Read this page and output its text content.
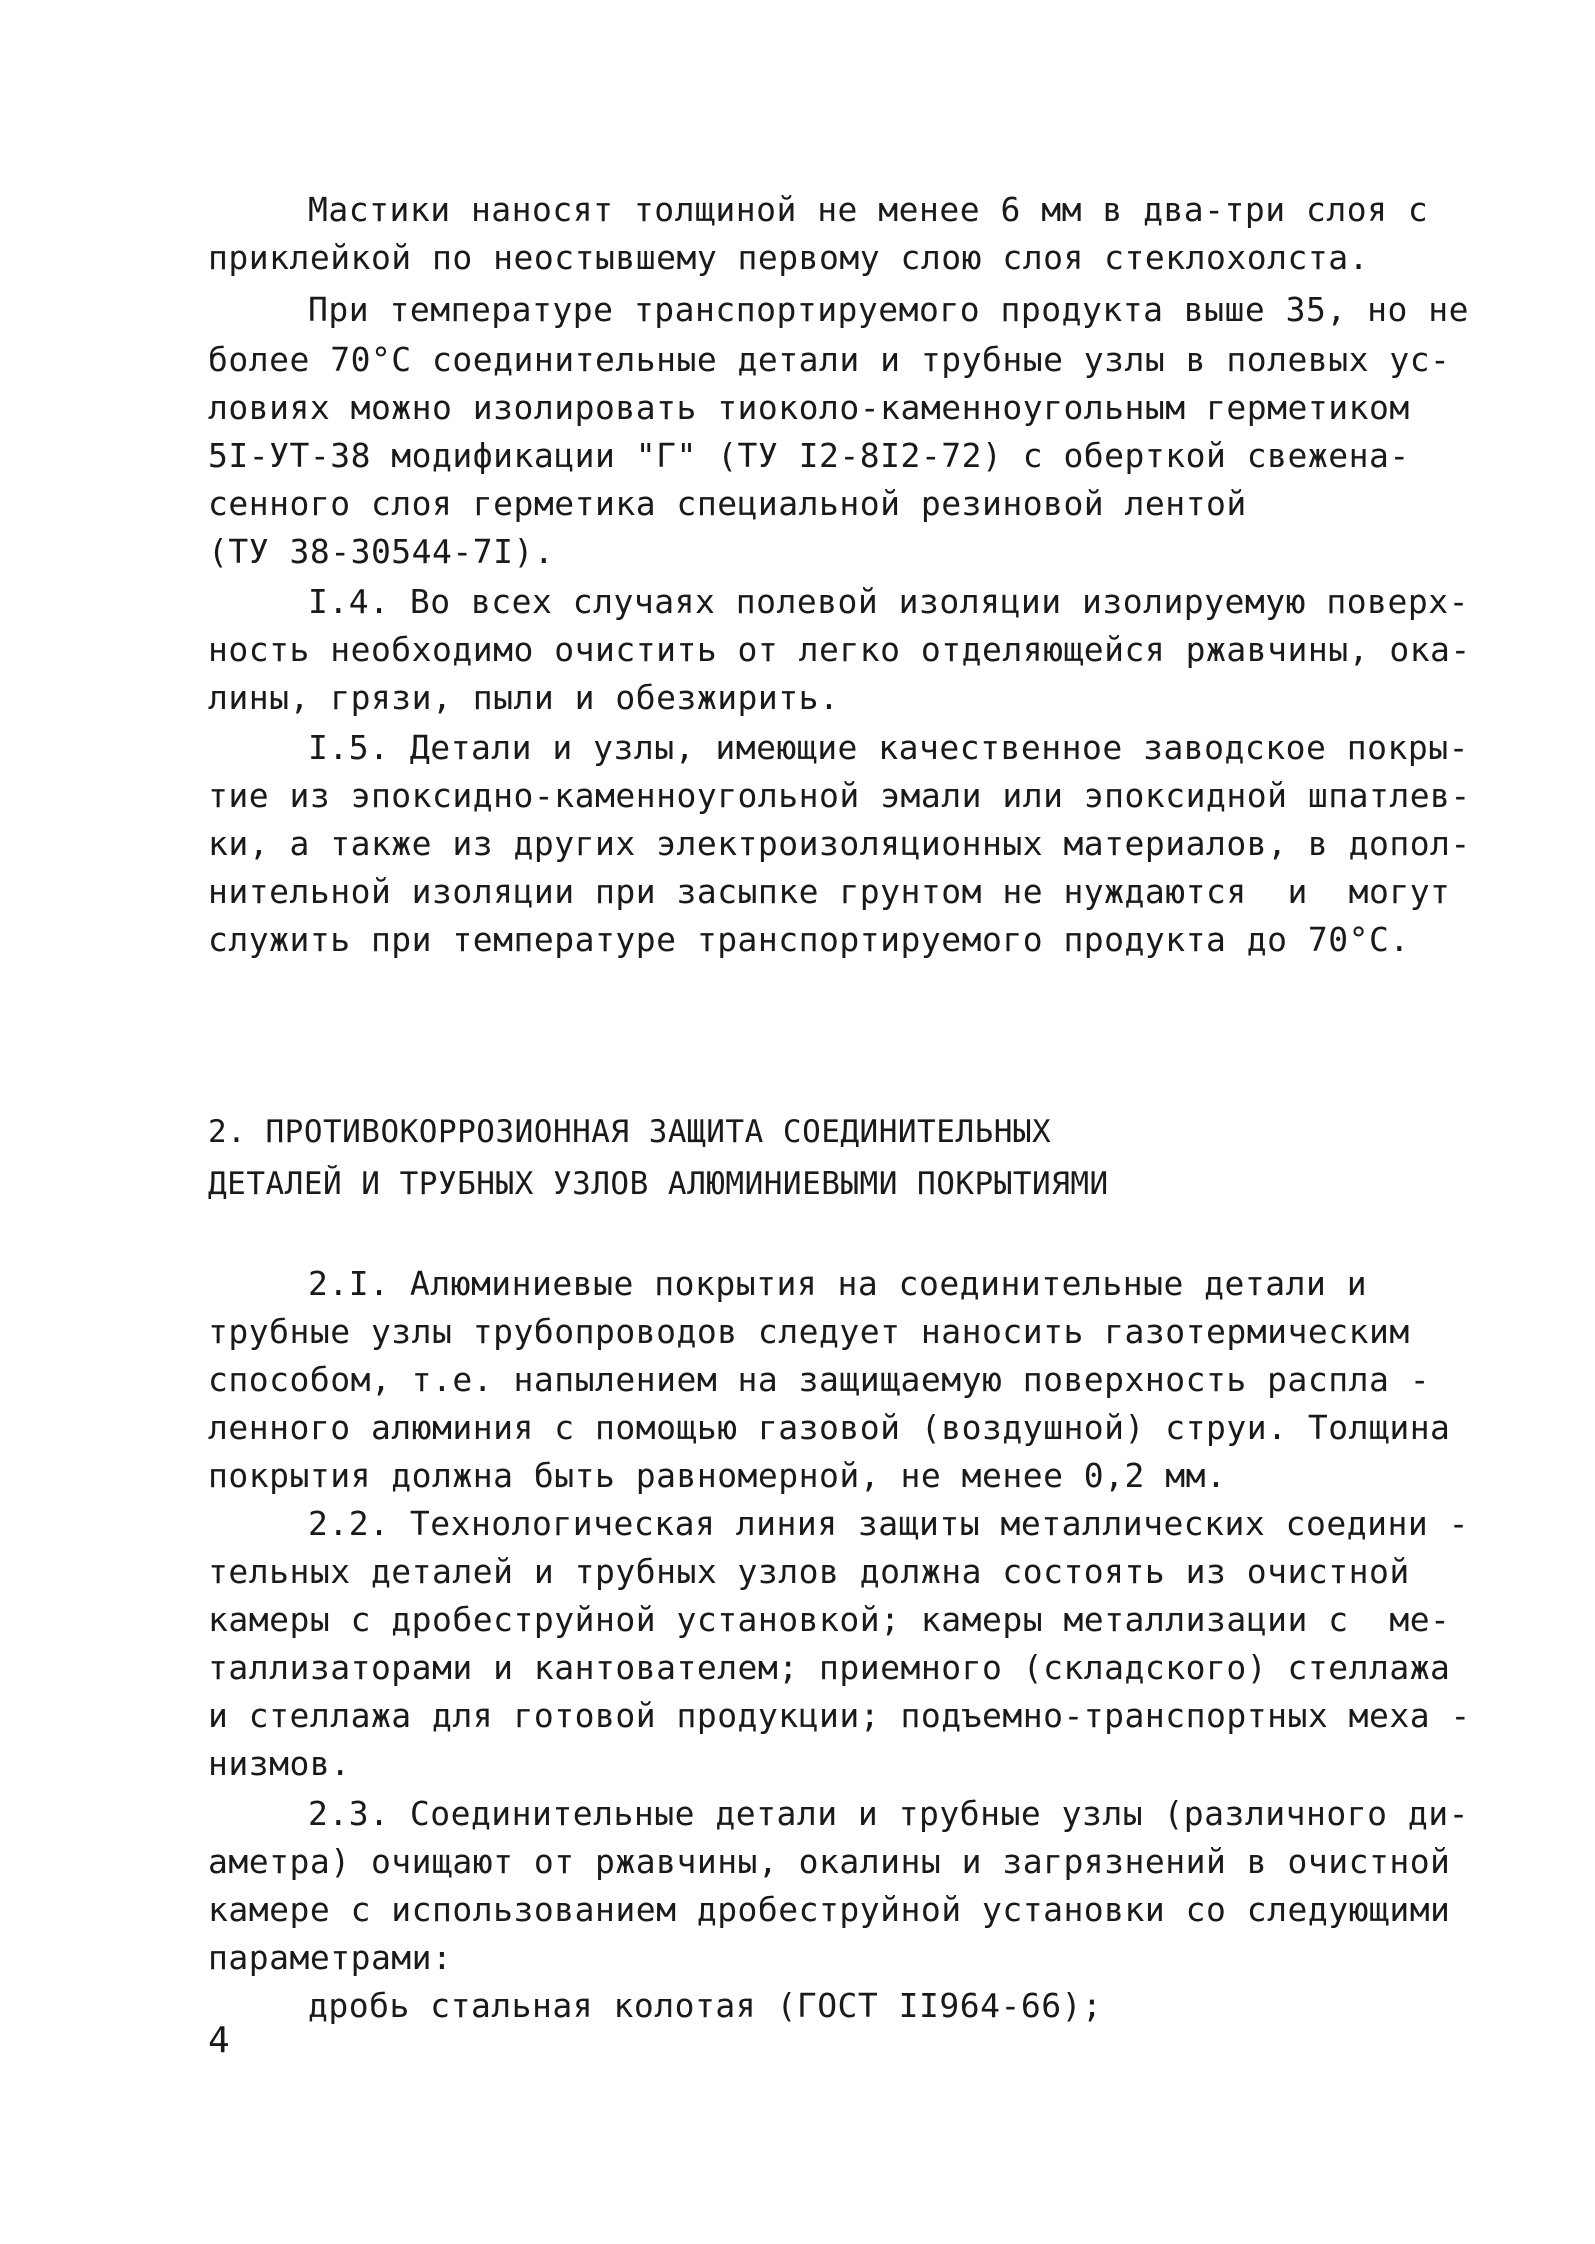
Мастики наносят толщиной не менее 6 мм в два-три слоя с
приклейкой по неостывшему первому слою слоя стеклохолста.
При температуре транспортируемого продукта выше 35, но не
более 70°С соединительные детали и трубные узлы в полевых ус-
ловиях можно изолировать тиоколо-каменноугольным герметиком
5I-УТ-38 модификации "Г" (ТУ I2-8I2-72) с оберткой свежена-
сенного слоя герметика специальной резиновой лентой
(ТУ 38-30544-7I).
I.4. Во всех случаях полевой изоляции изолируемую поверх-
ность необходимо очистить от легко отделяющейся ржавчины, ока-
лины, грязи, пыли и обезжирить.
I.5. Детали и узлы, имеющие качественное заводское покры-
тие из эпоксидно-каменноугольной эмали или эпоксидной шпатлев-
ки, а также из других электроизоляционных материалов, в допол-
нительной изоляции при засыпке грунтом не нуждаются  и  могут
служить при температуре транспортируемого продукта до 70°С.
2. ПРОТИВОКОРРОЗИОННАЯ ЗАЩИТА СОЕДИНИТЕЛЬНЫХ
ДЕТАЛЕЙ И ТРУБНЫХ УЗЛОВ АЛЮМИНИЕВЫМИ ПОКРЫТИЯМИ
2.I. Алюминиевые покрытия на соединительные детали и
трубные узлы трубопроводов следует наносить газотермическим
способом, т.е. напылением на защищаемую поверхность распла -
ленного алюминия с помощью газовой (воздушной) струи. Толщина
покрытия должна быть равномерной, не менее 0,2 мм.
2.2. Технологическая линия защиты металлических соедини -
тельных деталей и трубных узлов должна состоять из очистной
камеры с дробеструйной установкой; камеры металлизации с  ме-
таллизаторами и кантователем; приемного (складского) стеллажа
и стеллажа для готовой продукции; подъемно-транспортных меха -
низмов.
2.3. Соединительные детали и трубные узлы (различного ди-
аметра) очищают от ржавчины, окалины и загрязнений в очистной
камере с использованием дробеструйной установки со следующими
параметрами:
дробь стальная колотая (ГОСТ II964-66);
4
